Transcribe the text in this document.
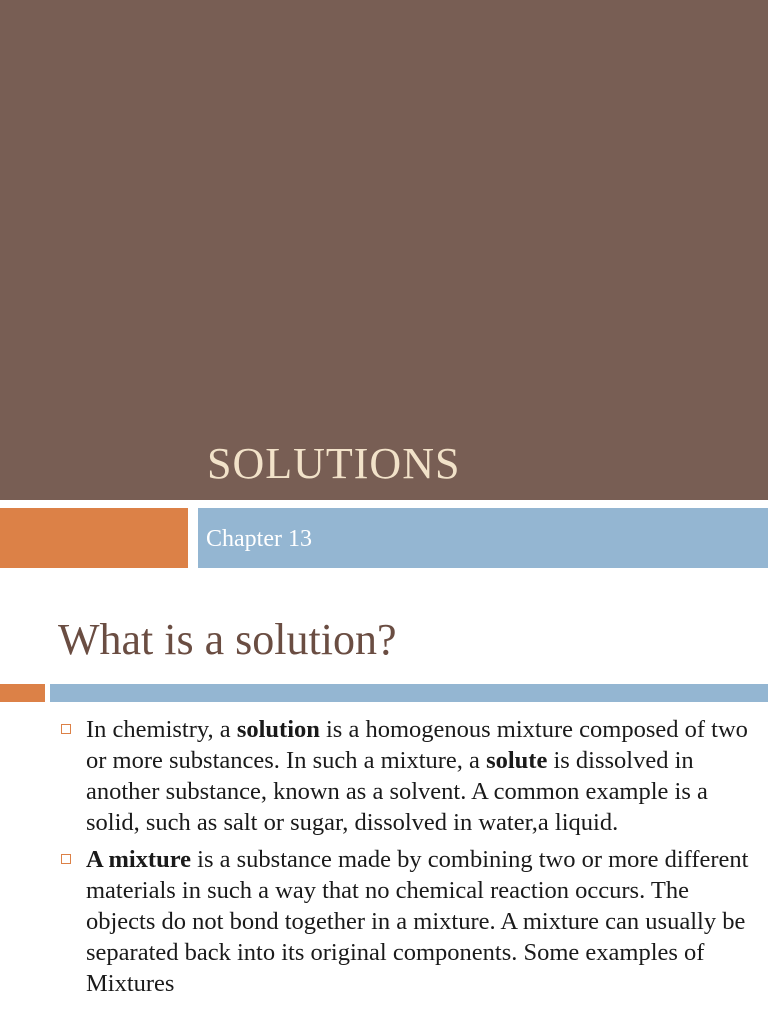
SOLUTIONS
Chapter 13
What is a solution?
In chemistry, a solution is a homogenous mixture composed of two or more substances. In such a mixture, a solute is dissolved in another substance, known as a solvent. A common example is a solid, such as salt or sugar, dissolved in water,a liquid.
A mixture is a substance made by combining two or more different materials in such a way that no chemical reaction occurs. The objects do not bond together in a mixture. A mixture can usually be separated back into its original components. Some examples of Mixtures
